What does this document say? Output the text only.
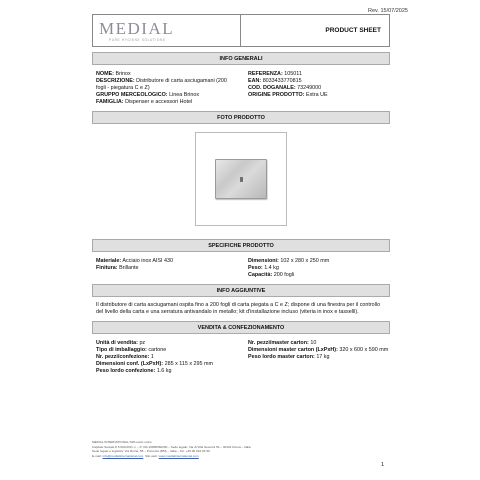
Rev. 15/07/2025
MEDIAL
PURE HYGIENE SOLUTIONS
PRODUCT SHEET
INFO GENERALI
NOME: Brinox
DESCRIZIONE: Distributore di carta asciugamani (200 fogli - piegatura C e Z)
GRUPPO MERCEOLOGICO: Linea Brinox
FAMIGLIA: Dispenser e accessori Hotel
REFERENZA: 105011
EAN: 8033433770815
COD. DOGANALE: 73249000
ORIGINE PRODOTTO: Extra UE
FOTO PRODOTTO
SPECIFICHE PRODOTTO
Materiale: Acciaio inox AISI 430
Finitura: Brillante
Dimensioni: 102 x 280 x 250 mm
Peso: 1.4 kg
Capacità: 200 fogli
INFO AGGIUNTIVE
Il distributore di carta asciugamani ospita fino a 200 fogli di carta piegata a C e Z; dispone di una finestra per il controllo del livello della carta e una serratura antivandalo in metallo; kit d'installazione incluso (viteria in inox e tasselli).
VENDITA & CONFEZIONAMENTO
Unità di vendita: pz
Tipo di imballaggio: cartone
Nr. pezzi/confezione: 1
Dimensioni conf. (LxPxH): 285 x 115 x 295 mm
Peso lordo confezione: 1.6 kg
Nr. pezzi/master carton: 10
Dimensioni master carton (LxPxH): 320 x 600 x 590 mm
Peso lordo master carton: 17 kg
MEDIAL INTERNATIONAL SPA socio unico
Capitale Sociale € 5.000.000 i.v. – P. IVA 10958360150 – Sede legale: Via di Villa Severini 54 – 00191 Roma – Italia
Sede legale e logistica: Via Roma, 58 – Pomezia (RM) – Italia – Tel. +39 06 916 04 50
E-mail: info@medialinternational.com Sito web: www.medialinternational.com
1
